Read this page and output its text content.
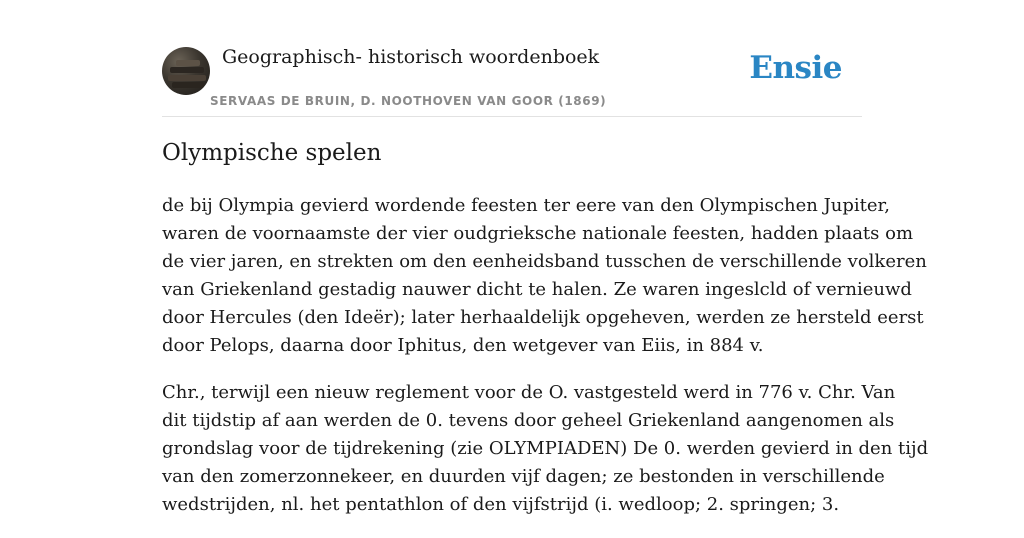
Geographisch- historisch woordenboek
SERVAAS DE BRUIN, D. NOOTHOVEN VAN GOOR (1869)
Ensie
Olympische spelen

de bij Olympia gevierd wordende feesten ter eere van den Olympischen Jupiter,
waren de voornaamste der vier oudgrieksche nationale feesten, hadden plaats om
de vier jaren, en strekten om den eenheidsband tusschen de verschillende volkeren
van Griekenland gestadig nauwer dicht te halen. Ze waren ingeslcld of vernieuwd
door Hercules (den Ideër); later herhaaldelijk opgeheven, werden ze hersteld eerst
door Pelops, daarna door Iphitus, den wetgever van Eiis, in 884 v.

Chr., terwijl een nieuw reglement voor de O. vastgesteld werd in 776 v. Chr. Van
dit tijdstip af aan werden de 0. tevens door geheel Griekenland aangenomen als
grondslag voor de tijdrekening (zie OLYMPIADEN) De 0. werden gevierd in den tijd
van den zomerzonnekeer, en duurden vijf dagen; ze bestonden in verschillende
wedstrijden, nl. het pentathlon of den vijfstrijd (i. wedloop; 2. springen; 3.
